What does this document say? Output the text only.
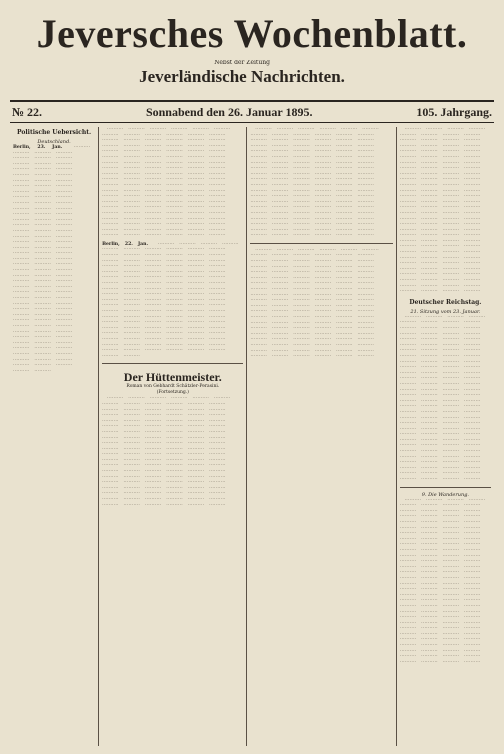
Jeversches Wochenblatt.
Nebst der Zeitung
Jeverländische Nachrichten.
№ 22.	Sonnabend den 26. Januar 1895.	105. Jahrgang.
Politische Uebersicht.
Deutschland.
Berlin, 23. Jan.  ·········· ·········· ·········· ·········· ·········· ·········· ·········· ·········· ·········· ·········· ·········· ·········· ·········· ·········· ·········· ·········· ·········· ·········· ·········· ·········· ·········· ·········· ·········· ·········· ·········· ·········· ·········· ·········· ·········· ·········· ·········· ·········· ·········· ·········· ·········· ·········· ·········· ·········· ·········· ·········· ·········· ·········· ·········· ·········· ·········· ·········· ·········· ·········· ·········· ·········· ·········· ·········· ·········· ·········· ·········· ·········· ·········· ·········· ·········· ·········· ·········· ·········· ·········· ·········· ·········· ·········· ·········· ·········· ·········· ·········· ·········· ·········· ·········· ·········· ·········· ·········· ·········· ·········· ·········· ·········· ·········· ·········· ·········· ·········· ·········· ·········· ·········· ·········· ·········· ·········· ·········· ·········· ·········· ·········· ·········· ·········· ·········· ·········· ·········· ·········· ·········· ·········· ·········· ·········· ·········· ·········· ·········· ·········· ·········· ·········· ·········· ·········· ·········· ·········· ·········· ·········· ·········· ·········· ·········· ··········
 ·········· ·········· ·········· ·········· ·········· ·········· ·········· ·········· ·········· ·········· ·········· ·········· ·········· ·········· ·········· ·········· ·········· ·········· ·········· ·········· ·········· ·········· ·········· ·········· ·········· ·········· ·········· ·········· ·········· ·········· ·········· ·········· ·········· ·········· ·········· ·········· ·········· ·········· ·········· ·········· ·········· ·········· ·········· ·········· ·········· ·········· ·········· ·········· ·········· ·········· ·········· ·········· ·········· ·········· ·········· ·········· ·········· ·········· ·········· ·········· ·········· ·········· ·········· ·········· ·········· ·········· ·········· ·········· ·········· ·········· ·········· ·········· ·········· ·········· ·········· ·········· ·········· ·········· ·········· ·········· ·········· ·········· ·········· ·········· ·········· ·········· ·········· ·········· ·········· ·········· ·········· ·········· ·········· ·········· ·········· ·········· ·········· ·········· ·········· ·········· ·········· ·········· ·········· ·········· ·········· ·········· ·········· ·········· ·········· ·········· ·········· ·········· ·········· ·········· ·········· ·········· ·········· ·········· ·········· ··········
Berlin, 22. Jan.  ·········· ·········· ·········· ·········· ·········· ·········· ·········· ·········· ·········· ·········· ·········· ·········· ·········· ·········· ·········· ·········· ·········· ·········· ·········· ·········· ·········· ·········· ·········· ·········· ·········· ·········· ·········· ·········· ·········· ·········· ·········· ·········· ·········· ·········· ·········· ·········· ·········· ·········· ·········· ·········· ·········· ·········· ·········· ·········· ·········· ·········· ·········· ·········· ·········· ·········· ·········· ·········· ·········· ·········· ·········· ·········· ·········· ·········· ·········· ·········· ·········· ·········· ·········· ·········· ·········· ·········· ·········· ·········· ·········· ·········· ·········· ·········· ·········· ·········· ·········· ·········· ·········· ·········· ·········· ·········· ·········· ·········· ·········· ·········· ·········· ·········· ·········· ·········· ·········· ·········· ·········· ·········· ·········· ·········· ·········· ·········· ·········· ·········· ·········· ·········· ·········· ·········· ·········· ·········· ·········· ·········· ·········· ·········· ·········· ·········· ·········· ·········· ·········· ·········· ·········· ·········· ·········· ·········· ·········· ··········
Der Hüttenmeister.
Roman von Gebhardt Schätzler-Perasini.
(Fortsetzung.)
 ·········· ·········· ·········· ·········· ·········· ·········· ·········· ·········· ·········· ·········· ·········· ·········· ·········· ·········· ·········· ·········· ·········· ·········· ·········· ·········· ·········· ·········· ·········· ·········· ·········· ·········· ·········· ·········· ·········· ·········· ·········· ·········· ·········· ·········· ·········· ·········· ·········· ·········· ·········· ·········· ·········· ·········· ·········· ·········· ·········· ·········· ·········· ·········· ·········· ·········· ·········· ·········· ·········· ·········· ·········· ·········· ·········· ·········· ·········· ·········· ·········· ·········· ·········· ·········· ·········· ·········· ·········· ·········· ·········· ·········· ·········· ·········· ·········· ·········· ·········· ·········· ·········· ·········· ·········· ·········· ·········· ·········· ·········· ·········· ·········· ·········· ·········· ·········· ·········· ·········· ·········· ·········· ·········· ·········· ·········· ·········· ·········· ·········· ·········· ·········· ·········· ·········· ·········· ·········· ·········· ·········· ·········· ·········· ·········· ·········· ·········· ·········· ·········· ·········· ·········· ·········· ·········· ·········· ·········· ··········
 ·········· ·········· ·········· ·········· ·········· ·········· ·········· ·········· ·········· ·········· ·········· ·········· ·········· ·········· ·········· ·········· ·········· ·········· ·········· ·········· ·········· ·········· ·········· ·········· ·········· ·········· ·········· ·········· ·········· ·········· ·········· ·········· ·········· ·········· ·········· ·········· ·········· ·········· ·········· ·········· ·········· ·········· ·········· ·········· ·········· ·········· ·········· ·········· ·········· ·········· ·········· ·········· ·········· ·········· ·········· ·········· ·········· ·········· ·········· ·········· ·········· ·········· ·········· ·········· ·········· ·········· ·········· ·········· ·········· ·········· ·········· ·········· ·········· ·········· ·········· ·········· ·········· ·········· ·········· ·········· ·········· ·········· ·········· ·········· ·········· ·········· ·········· ·········· ·········· ·········· ·········· ·········· ·········· ·········· ·········· ·········· ·········· ·········· ·········· ·········· ·········· ·········· ·········· ·········· ·········· ·········· ·········· ·········· ·········· ·········· ·········· ·········· ·········· ·········· ·········· ·········· ·········· ·········· ·········· ··········
 ·········· ·········· ·········· ·········· ·········· ·········· ·········· ·········· ·········· ·········· ·········· ·········· ·········· ·········· ·········· ·········· ·········· ·········· ·········· ·········· ·········· ·········· ·········· ·········· ·········· ·········· ·········· ·········· ·········· ·········· ·········· ·········· ·········· ·········· ·········· ·········· ·········· ·········· ·········· ·········· ·········· ·········· ·········· ·········· ·········· ·········· ·········· ·········· ·········· ·········· ·········· ·········· ·········· ·········· ·········· ·········· ·········· ·········· ·········· ·········· ·········· ·········· ·········· ·········· ·········· ·········· ·········· ·········· ·········· ·········· ·········· ·········· ·········· ·········· ·········· ·········· ·········· ·········· ·········· ·········· ·········· ·········· ·········· ·········· ·········· ·········· ·········· ·········· ·········· ·········· ·········· ·········· ·········· ·········· ·········· ·········· ·········· ·········· ·········· ·········· ·········· ·········· ·········· ·········· ·········· ·········· ·········· ·········· ·········· ·········· ·········· ·········· ·········· ·········· ·········· ·········· ·········· ·········· ·········· ··········
 ·········· ·········· ·········· ·········· ·········· ·········· ·········· ·········· ·········· ·········· ·········· ·········· ·········· ·········· ·········· ·········· ·········· ·········· ·········· ·········· ·········· ·········· ·········· ·········· ·········· ·········· ·········· ·········· ·········· ·········· ·········· ·········· ·········· ·········· ·········· ·········· ·········· ·········· ·········· ·········· ·········· ·········· ·········· ·········· ·········· ·········· ·········· ·········· ·········· ·········· ·········· ·········· ·········· ·········· ·········· ·········· ·········· ·········· ·········· ·········· ·········· ·········· ·········· ·········· ·········· ·········· ·········· ·········· ·········· ·········· ·········· ·········· ·········· ·········· ·········· ·········· ·········· ·········· ·········· ·········· ·········· ·········· ·········· ·········· ·········· ·········· ·········· ·········· ·········· ·········· ·········· ·········· ·········· ·········· ·········· ·········· ·········· ·········· ·········· ·········· ·········· ·········· ·········· ·········· ·········· ·········· ·········· ·········· ·········· ·········· ·········· ·········· ·········· ·········· ·········· ·········· ·········· ·········· ·········· ··········
Deutscher Reichstag.
21. Sitzung vom 23. Januar.
 ·········· ·········· ·········· ·········· ·········· ·········· ·········· ·········· ·········· ·········· ·········· ·········· ·········· ·········· ·········· ·········· ·········· ·········· ·········· ·········· ·········· ·········· ·········· ·········· ·········· ·········· ·········· ·········· ·········· ·········· ·········· ·········· ·········· ·········· ·········· ·········· ·········· ·········· ·········· ·········· ·········· ·········· ·········· ·········· ·········· ·········· ·········· ·········· ·········· ·········· ·········· ·········· ·········· ·········· ·········· ·········· ·········· ·········· ·········· ·········· ·········· ·········· ·········· ·········· ·········· ·········· ·········· ·········· ·········· ·········· ·········· ·········· ·········· ·········· ·········· ·········· ·········· ·········· ·········· ·········· ·········· ·········· ·········· ·········· ·········· ·········· ·········· ·········· ·········· ·········· ·········· ·········· ·········· ·········· ·········· ·········· ·········· ·········· ·········· ·········· ·········· ·········· ·········· ·········· ·········· ·········· ·········· ·········· ·········· ·········· ·········· ·········· ·········· ·········· ·········· ·········· ·········· ·········· ·········· ··········
9. Die Wanderung.
 ·········· ·········· ·········· ·········· ·········· ·········· ·········· ·········· ·········· ·········· ·········· ·········· ·········· ·········· ·········· ·········· ·········· ·········· ·········· ·········· ·········· ·········· ·········· ·········· ·········· ·········· ·········· ·········· ·········· ·········· ·········· ·········· ·········· ·········· ·········· ·········· ·········· ·········· ·········· ·········· ·········· ·········· ·········· ·········· ·········· ·········· ·········· ·········· ·········· ·········· ·········· ·········· ·········· ·········· ·········· ·········· ·········· ·········· ·········· ·········· ·········· ·········· ·········· ·········· ·········· ·········· ·········· ·········· ·········· ·········· ·········· ·········· ·········· ·········· ·········· ·········· ·········· ·········· ·········· ·········· ·········· ·········· ·········· ·········· ·········· ·········· ·········· ·········· ·········· ·········· ·········· ·········· ·········· ·········· ·········· ·········· ·········· ·········· ·········· ·········· ·········· ·········· ·········· ·········· ·········· ·········· ·········· ·········· ·········· ·········· ·········· ·········· ·········· ·········· ·········· ·········· ·········· ·········· ·········· ··········
